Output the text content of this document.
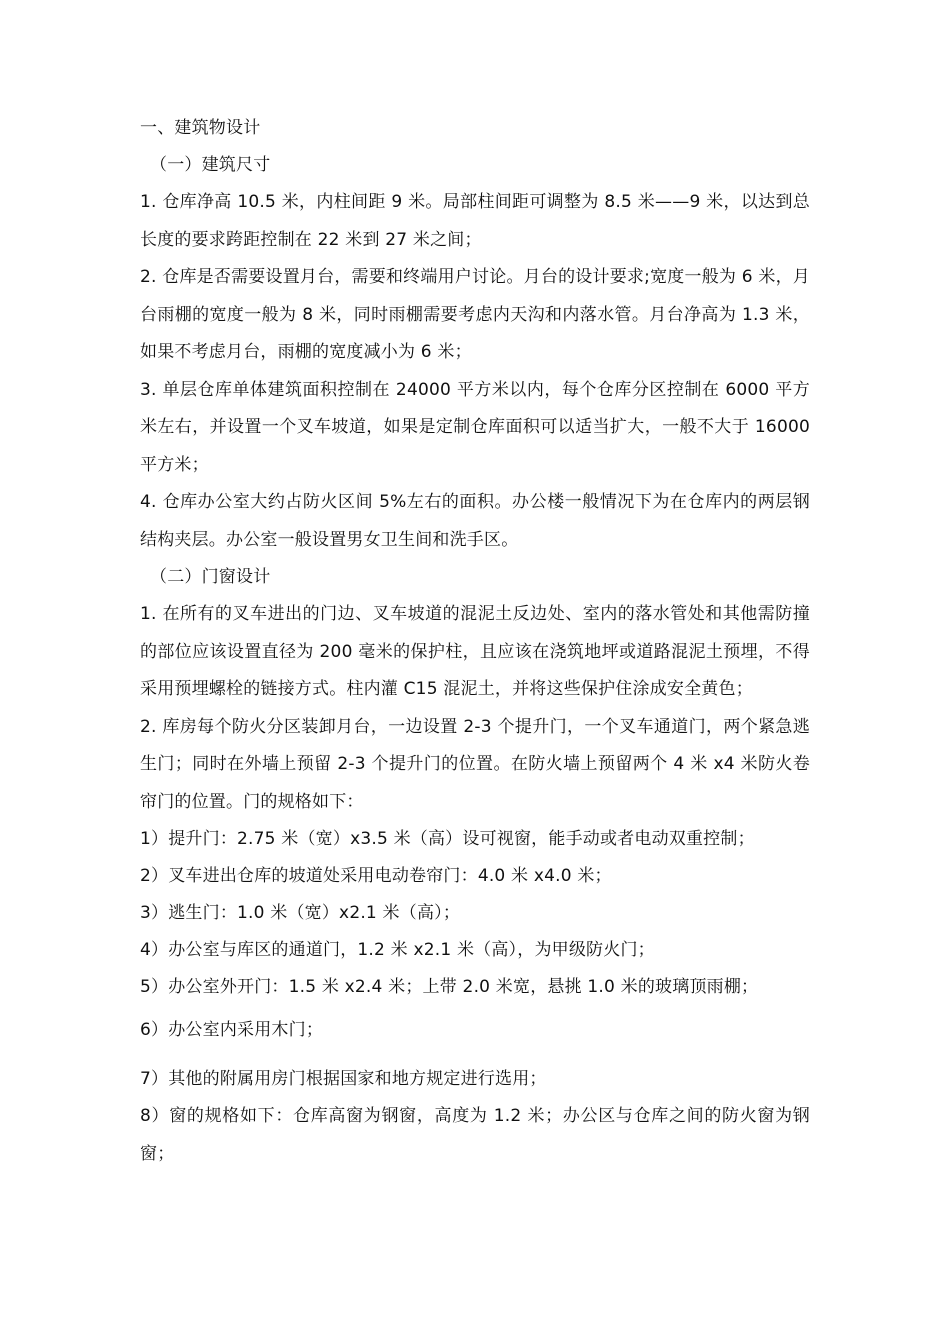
一、建筑物设计
（一）建筑尺寸
1. 仓库净高 10.5 米，内柱间距 9 米。局部柱间距可调整为 8.5 米——9 米，以达到总长度的要求跨距控制在 22 米到 27 米之间；
2. 仓库是否需要设置月台，需要和终端用户讨论。月台的设计要求;宽度一般为 6 米，月台雨棚的宽度一般为 8 米，同时雨棚需要考虑内天沟和内落水管。月台净高为 1.3 米，如果不考虑月台，雨棚的宽度减小为 6 米；
3. 单层仓库单体建筑面积控制在 24000 平方米以内，每个仓库分区控制在 6000 平方米左右，并设置一个叉车坡道，如果是定制仓库面积可以适当扩大，一般不大于 16000 平方米；
4. 仓库办公室大约占防火区间 5%左右的面积。办公楼一般情况下为在仓库内的两层钢结构夹层。办公室一般设置男女卫生间和洗手区。
（二）门窗设计
1. 在所有的叉车进出的门边、叉车坡道的混泥土反边处、室内的落水管处和其他需防撞的部位应该设置直径为 200 毫米的保护柱，且应该在浇筑地坪或道路混泥土预埋，不得采用预埋螺栓的链接方式。柱内灌 C15 混泥土，并将这些保护住涂成安全黄色；
2. 库房每个防火分区装卸月台，一边设置 2-3 个提升门，一个叉车通道门，两个紧急逃生门；同时在外墙上预留 2-3 个提升门的位置。在防火墙上预留两个 4 米 x4 米防火卷帘门的位置。门的规格如下：
1）提升门：2.75 米（宽）x3.5 米（高）设可视窗，能手动或者电动双重控制；
2）叉车进出仓库的坡道处采用电动卷帘门：4.0 米 x4.0 米；
3）逃生门：1.0 米（宽）x2.1 米（高）；
4）办公室与库区的通道门，1.2 米 x2.1 米（高），为甲级防火门；
5）办公室外开门：1.5 米 x2.4 米；上带 2.0 米宽，悬挑 1.0 米的玻璃顶雨棚；
6）办公室内采用木门；
7）其他的附属用房门根据国家和地方规定进行选用；
8）窗的规格如下：仓库高窗为钢窗，高度为 1.2 米；办公区与仓库之间的防火窗为钢窗；
